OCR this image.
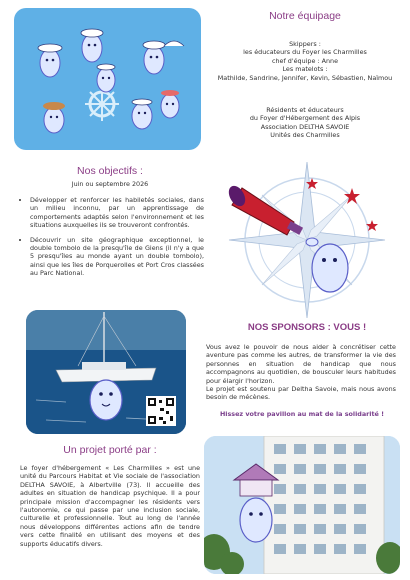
Notre équipage
Skippers :
les éducateurs du Foyer les Charmilles
chef d'équipe : Anne
Les matelots :
Mathilde, Sandrine, Jennifer, Kevin, Sébastien, Naïmou
Résidents et éducateurs
du Foyer d'Hébergement des Alpis
Association DELTHA SAVOIE
Unités des Charmilles
Nos objectifs :
Juin ou septembre 2026
• Développer et renforcer les habiletés sociales, dans un milieu inconnu, par un apprentissage de comportements adaptés selon l'environnement et les situations auxquelles ils se trouveront confrontés.
• Découvrir un site géographique exceptionnel, le double tombolo de la presqu'île de Giens (il n'y a que 5 presqu'îles au monde ayant un double tombolo), ainsi que les îles de Porquerolles et Port Cros classées au Parc National.
NOS SPONSORS : VOUS !
Vous avez le pouvoir de nous aider à concrétiser cette aventure pas comme les autres, de transformer la vie des personnes en situation de handicap que nous accompagnons au quotidien, de bousculer leurs habitudes pour élargir l'horizon.
Le projet est soutenu par Deltha Savoie, mais nous avons besoin de mécènes.
Hissez votre pavillon au mat de la solidarité !
Un projet porté par :
Le foyer d'hébergement « Les Charmilles » est une unité du Parcours Habitat et Vie sociale de l'association DELTHA SAVOIE, à Albertville (73). Il accueille des adultes en situation de handicap psychique. Il a pour principale mission d'accompagner les résidents vers l'autonomie, ce qui passe par une inclusion sociale, culturelle et professionnelle. Tout au long de l'année nous développons différentes actions afin de tendre vers cette finalité en utilisant des moyens et des supports éducatifs divers.
